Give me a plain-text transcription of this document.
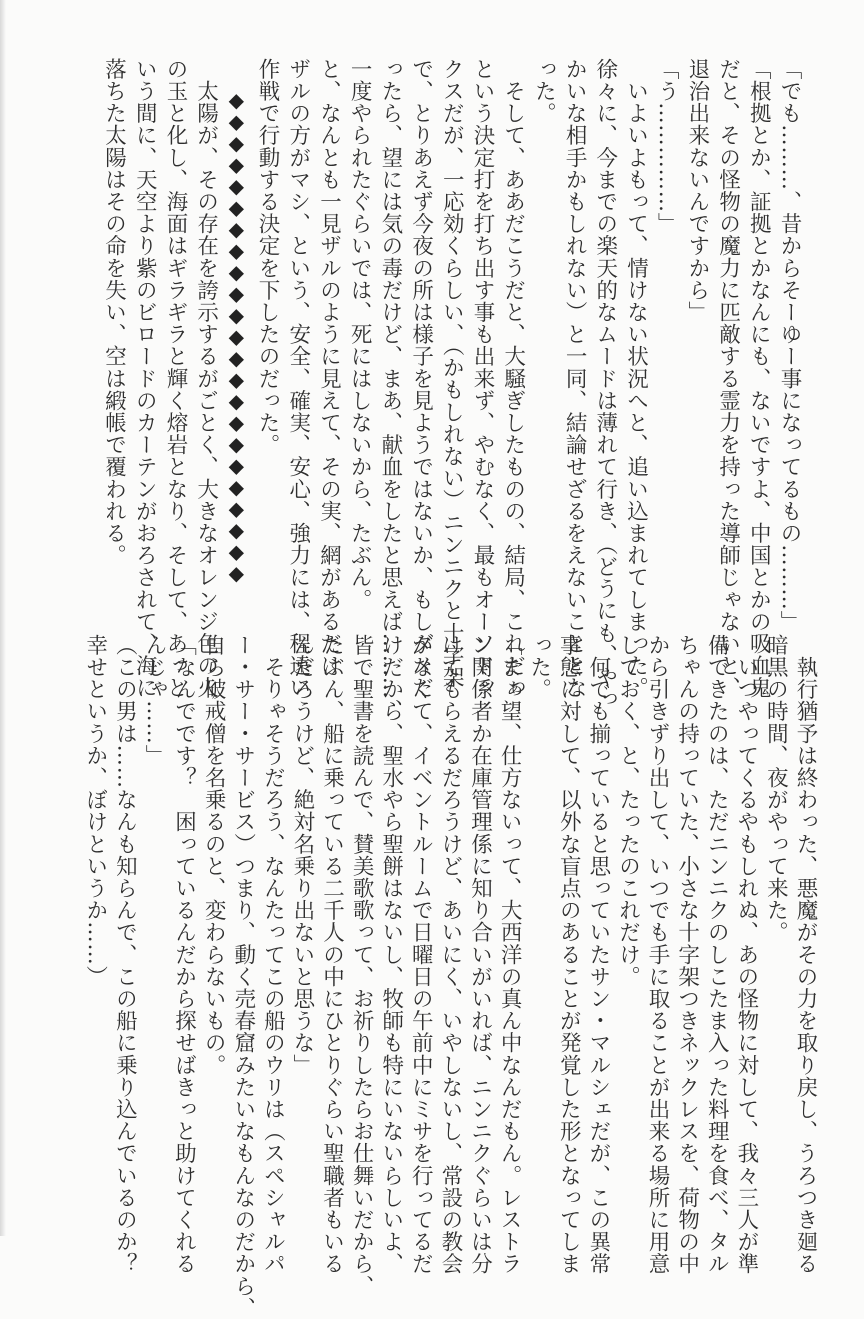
「でも………、昔からそーゆー事になってるもの………」
「根拠とか、証拠とかなんにも、ないですよ、中国とかの吸血鬼
だと、その怪物の魔力に匹敵する霊力を持った導師じゃないと、
退治出来ないんですから」
「う……………」
　いよいよもって、情けない状況へと、追い込まれてしまった。
徐々に、今までの楽天的なムードは薄れて行き、（どうにも、やっ
かいな相手かもしれない）と一同、結論せざるをえないこととな
った。
　そして、ああだこうだと、大騒ぎしたものの、結局、これだっ
という決定打を打ち出す事も出来ず、やむなく、最もオーソドッ
クスだが、一応効くらしい、（かもしれない）ニンニクと十字架
で、とりあえず今夜の所は様子を見ようではないか、もしダメだ
ったら、望には気の毒だけど、まあ、献血をしたと思えば………、
一度やられたぐらいでは、死にはしないから、たぶん。
と、なんとも一見ザルのように見えて、その実、網があるだけ
ザルの方がマシ、という、安全、確実、安心、強力には、程遠い
作戦で行動する決定を下したのだった。
◆◆◆◆◆◆◆◆◆◆◆◆◆◆◆◆◆◆◆◆◆◆◆
　太陽が、その存在を誇示するがごとく、大きなオレンジ色の火
の玉と化し、海面はギラギラと輝く熔岩となり、そして、あっと
いう間に、天空より紫のビロードのカーテンがおろされて、海に
落ちた太陽はその命を失い、空は緞帳で覆われる。
　執行猶予は終わった、悪魔がその力を取り戻し、うろつき廻る
暗黒の時間、夜がやって来た。
　いつやってくるやもしれぬ、あの怪物に対して、我々三人が準
備できたのは、ただニンニクのしこたま入った料理を食べ、タル
ちゃんの持っていた、小さな十字架つきネックレスを、荷物の中
から引きずり出して、いつでも手に取ることが出来る場所に用意
しておく、と、たったのこれだけ。
　何でも揃っていると思っていたサン・マルシェだが、この異常
事態に対して、以外な盲点のあることが発覚した形となってしま
った。
「まぁ望、仕方ないって、大西洋の真ん中なんだもん。レストラ
ン関係者か在庫管理係に知り合いがいれば、ニンニクぐらいは分
けてもらえるだろうけど、あいにく、いやしないし、常設の教会
がなくて、イベントルームで日曜日の午前中にミサを行ってるだ
けだから、聖水やら聖餅はないし、牧師も特にいないらしいよ、
皆で聖書を読んで、賛美歌歌って、お祈りしたらお仕舞いだから、
たぶん、船に乗っている二千人の中にひとりぐらい聖職者もいる
んだろうけど、絶対名乗り出ないと思うな」
　そりゃそうだろう、なんたってこの船のウリは（スペシャルパ
ー・サー・サービス）つまり、動く売春窟みたいなもんなのだから、
自ら破戒僧を名乗るのと、変わらないもの。
「なんでです？　困っているんだから探せばきっと助けてくれる
んじゃ……」
（この男は……なんも知らんで、この船に乗り込んでいるのか？
幸せというか、ぼけというか……）
